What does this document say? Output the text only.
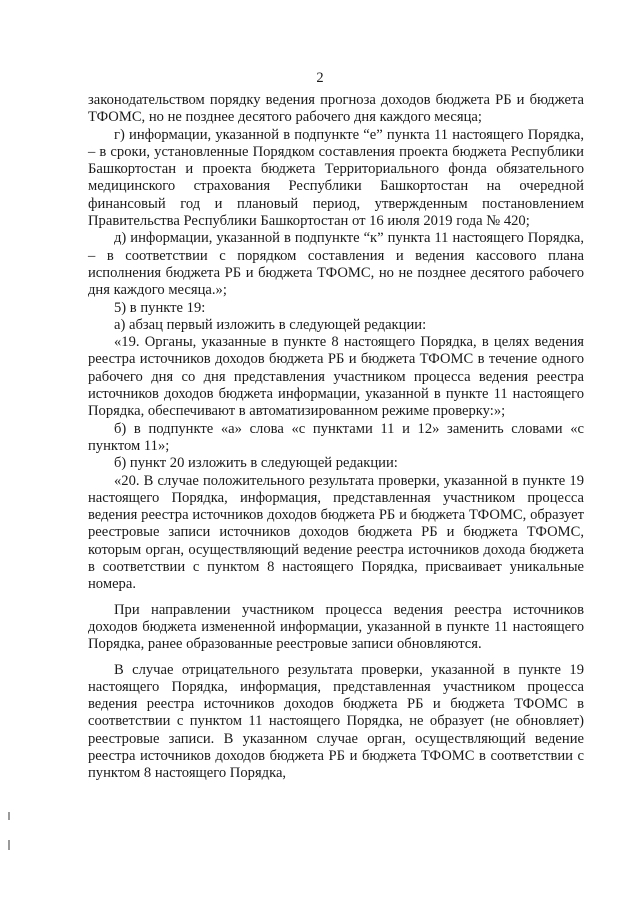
2

законодательством порядку ведения прогноза доходов бюджета РБ и бюджета ТФОМС, но не позднее десятого рабочего дня каждого месяца;

г) информации, указанной в подпункте “е” пункта 11 настоящего Порядка, – в сроки, установленные Порядком составления проекта бюджета Республики Башкортостан и проекта бюджета Территориального фонда обязательного медицинского страхования Республики Башкортостан на очередной финансовый год и плановый период, утвержденным постановлением Правительства Республики Башкортостан от 16 июля 2019 года № 420;

д) информации, указанной в подпункте “к” пункта 11 настоящего Порядка, – в соответствии с порядком составления и ведения кассового плана исполнения бюджета РБ и бюджета ТФОМС, но не позднее десятого рабочего дня каждого месяца.»;

5) в пункте 19:

а) абзац первый изложить в следующей редакции:

«19. Органы, указанные в пункте 8 настоящего Порядка, в целях ведения реестра источников доходов бюджета РБ и бюджета ТФОМС в течение одного рабочего дня со дня представления участником процесса ведения реестра источников доходов бюджета информации, указанной в пункте 11 настоящего Порядка, обеспечивают в автоматизированном режиме проверку:»;

б) в подпункте «а» слова «с пунктами 11 и 12» заменить словами «с пунктом 11»;

б) пункт 20 изложить в следующей редакции:

«20. В случае положительного результата проверки, указанной в пункте 19 настоящего Порядка, информация, представленная участником процесса ведения реестра источников доходов бюджета РБ и бюджета ТФОМС, образует реестровые записи источников доходов бюджета РБ и бюджета ТФОМС, которым орган, осуществляющий ведение реестра источников дохода бюджета в соответствии с пунктом 8 настоящего Порядка, присваивает уникальные номера.

При направлении участником процесса ведения реестра источников доходов бюджета измененной информации, указанной в пункте 11 настоящего Порядка, ранее образованные реестровые записи обновляются.

В случае отрицательного результата проверки, указанной в пункте 19 настоящего Порядка, информация, представленная участником процесса ведения реестра источников доходов бюджета РБ и бюджета ТФОМС в соответствии с пунктом 11 настоящего Порядка, не образует (не обновляет) реестровые записи. В указанном случае орган, осуществляющий ведение реестра источников доходов бюджета РБ и бюджета ТФОМС в соответствии с пунктом 8 настоящего Порядка,
